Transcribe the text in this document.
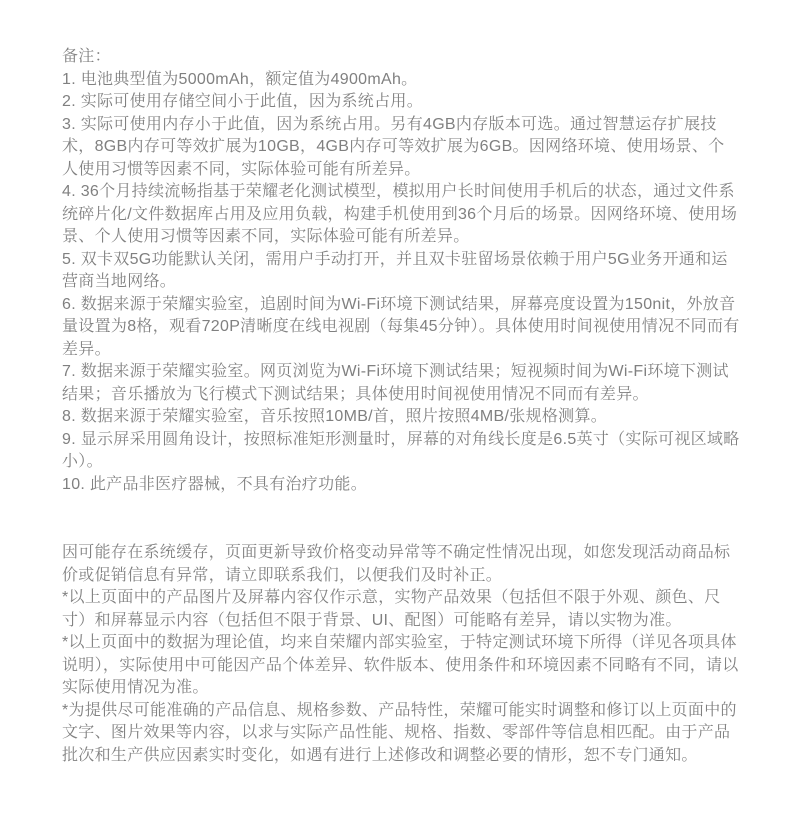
备注：

1. 电池典型值为5000mAh，额定值为4900mAh。

2. 实际可使用存储空间小于此值，因为系统占用。

3. 实际可使用内存小于此值，因为系统占用。另有4GB内存版本可选。通过智慧运存扩展技术，8GB内存可等效扩展为10GB，4GB内存可等效扩展为6GB。因网络环境、使用场景、个人使用习惯等因素不同，实际体验可能有所差异。

4. 36个月持续流畅指基于荣耀老化测试模型，模拟用户长时间使用手机后的状态，通过文件系统碎片化/文件数据库占用及应用负载，构建手机使用到36个月后的场景。因网络环境、使用场景、个人使用习惯等因素不同，实际体验可能有所差异。

5. 双卡双5G功能默认关闭，需用户手动打开，并且双卡驻留场景依赖于用户5G业务开通和运营商当地网络。

6. 数据来源于荣耀实验室，追剧时间为Wi-Fi环境下测试结果，屏幕亮度设置为150nit，外放音量设置为8格，观看720P清晰度在线电视剧（每集45分钟）。具体使用时间视使用情况不同而有差异。

7. 数据来源于荣耀实验室。网页浏览为Wi-Fi环境下测试结果；短视频时间为Wi-Fi环境下测试结果；音乐播放为飞行模式下测试结果；具体使用时间视使用情况不同而有差异。

8. 数据来源于荣耀实验室，音乐按照10MB/首，照片按照4MB/张规格测算。

9. 显示屏采用圆角设计，按照标准矩形测量时，屏幕的对角线长度是6.5英寸（实际可视区域略小）。

10. 此产品非医疗器械，不具有治疗功能。

因可能存在系统缓存，页面更新导致价格变动异常等不确定性情况出现，如您发现活动商品标价或促销信息有异常，请立即联系我们，以便我们及时补正。

*以上页面中的产品图片及屏幕内容仅作示意，实物产品效果（包括但不限于外观、颜色、尺寸）和屏幕显示内容（包括但不限于背景、UI、配图）可能略有差异，请以实物为准。

*以上页面中的数据为理论值，均来自荣耀内部实验室，于特定测试环境下所得（详见各项具体说明），实际使用中可能因产品个体差异、软件版本、使用条件和环境因素不同略有不同，请以实际使用情况为准。

*为提供尽可能准确的产品信息、规格参数、产品特性，荣耀可能实时调整和修订以上页面中的文字、图片效果等内容，以求与实际产品性能、规格、指数、零部件等信息相匹配。由于产品批次和生产供应因素实时变化，如遇有进行上述修改和调整必要的情形，恕不专门通知。
